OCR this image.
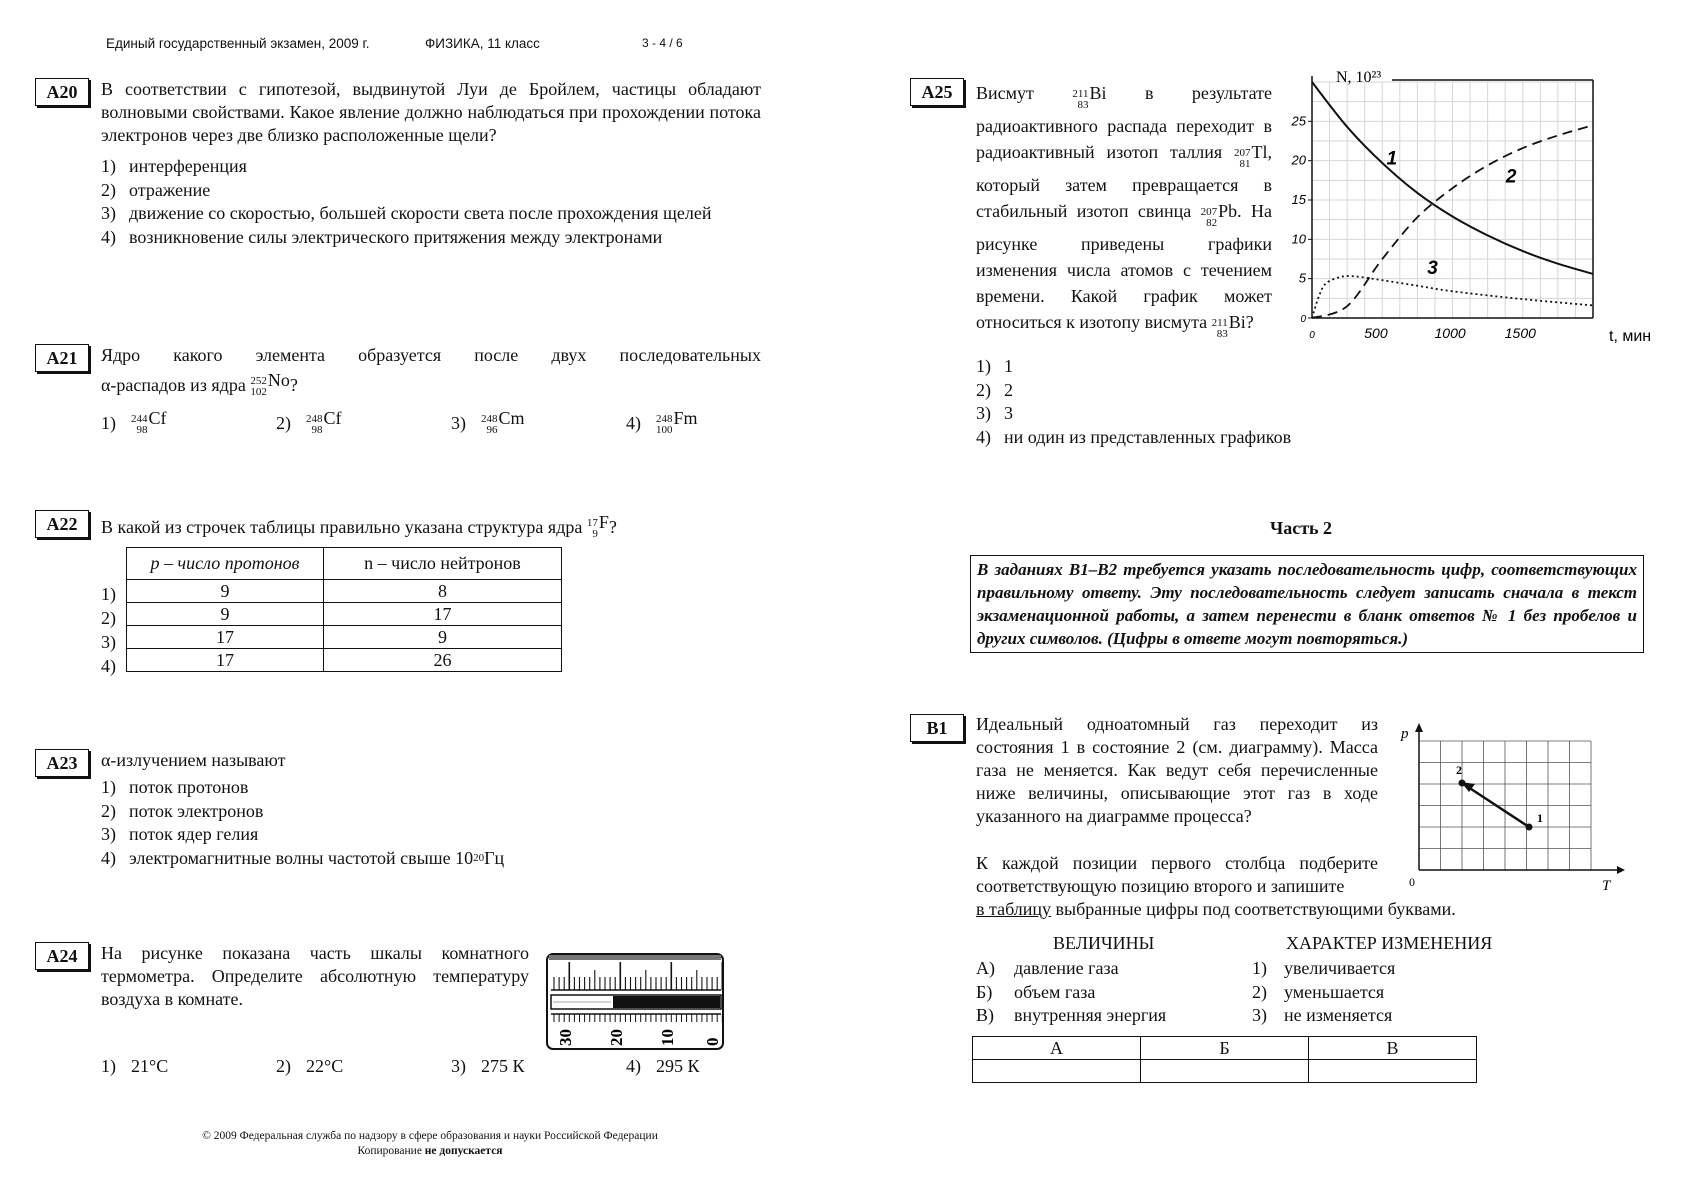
Единый государственный экзамен, 2009 г.	ФИЗИКА, 11 класс	3 - 4 / 6
A20	В соответствии с гипотезой, выдвинутой Луи де Бройлем, частицы обладают волновыми свойствами. Какое явление должно наблюдаться при прохождении потока электронов через две близко расположенные щели?
1) интерференция
2) отражение
3) движение со скоростью, большей скорости света после прохождения щелей
4) возникновение силы электрического притяжения между электронами
A21	Ядро какого элемента образуется после двух последовательных
α-распадов из ядра
252
102
No ?
1)	244
98
Cf	2)	248
98
Cf	3)	248
96
Cm	4)	248
100
Fm
A22	В какой из строчек таблицы правильно указана структура ядра
17
9
F ?
1)
2)
3)
4)
p – число протонов	n – число нейтронов
9	8
9	17
17	9
17	26
A23	α-излучением называют
1) поток протонов
2) поток электронов
3) поток ядер гелия
4) электромагнитные волны частотой свыше 10 20 Гц
A24	На рисунке показана часть шкалы комнатного термометра. Определите абсолютную температуру воздуха в комнате.
30 20 10 0
1) 21°С	2) 22°С	3) 275 К	4) 295 К
© 2009 Федеральная служба по надзору в сфере образования и науки Российской Федерации
Копирование не допускается
A25	Висмут	211
83
Bi в результате радиоактивного распада переходит в радиоактивный изотоп таллия 207
81
Tl , который затем превращается в стабильный изотоп свинца 207
82
Pb . На рисунке приведены графики изменения числа атомов с течением времени. Какой график может относиться к изотопу висмута 211
83
Bi ?
1) 1
2) 2
3) 3
4) ни один из представленных графиков
0
5
10
15
20
25
0	500	1000	1500
N, 10²³
t, мин
1
2
3
Часть 2
В заданиях В1–В2 требуется указать последовательность цифр, соответствующих правильному ответу. Эту последовательность следует записать сначала в текст экзаменационной работы, а затем перенести в бланк ответов № 1 без пробелов и других символов. (Цифры в ответе могут повторяться.)
B1	Идеальный одноатомный газ переходит из состояния 1 в состояние 2 (см. диаграмму). Масса газа не меняется. Как ведут себя перечисленные ниже величины, описывающие этот газ в ходе указанного на диаграмме процесса?
К каждой позиции первого столбца подберите соответствующую позицию второго и запишите
в таблицу выбранные цифры под соответствующими буквами.
1
2
p
T
0
ВЕЛИЧИНЫ	ХАРАКТЕР ИЗМЕНЕНИЯ
А)	давление газа
Б)	объем газа
В)	внутренняя энергия
1) увеличивается
2) уменьшается
3) не изменяется
А	Б	В
